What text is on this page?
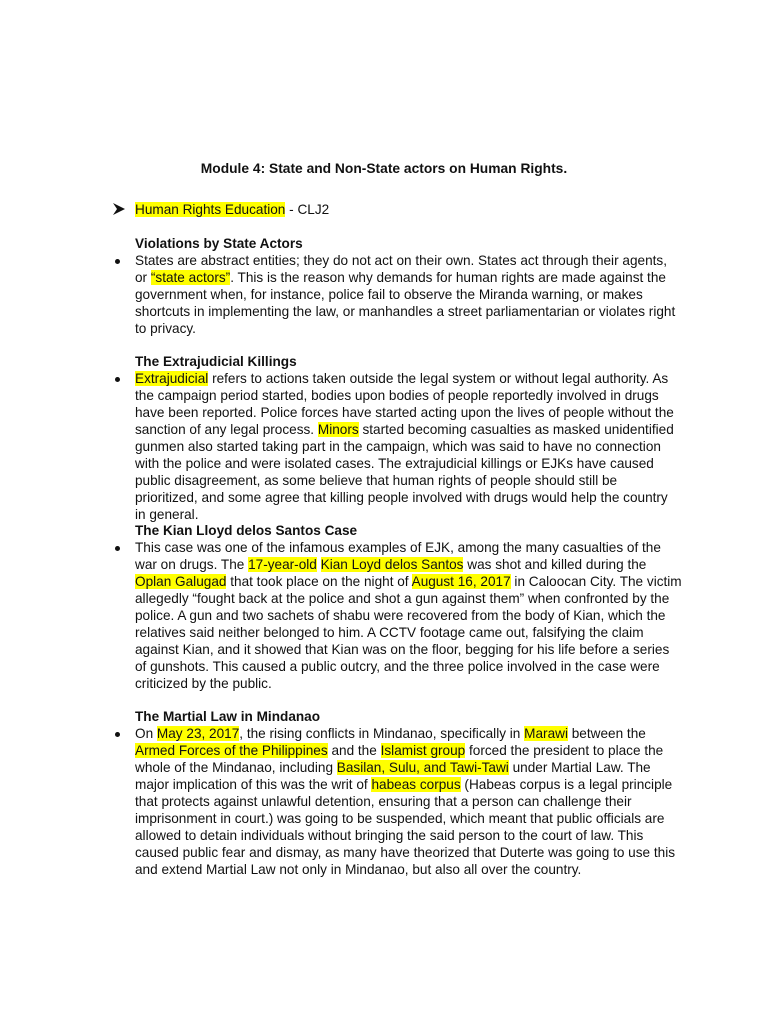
Module 4: State and Non-State actors on Human Rights.
Human Rights Education - CLJ2
Violations by State Actors
States are abstract entities; they do not act on their own. States act through their agents, or “state actors”. This is the reason why demands for human rights are made against the government when, for instance, police fail to observe the Miranda warning, or makes shortcuts in implementing the law, or manhandles a street parliamentarian or violates right to privacy.
The Extrajudicial Killings
Extrajudicial refers to actions taken outside the legal system or without legal authority. As the campaign period started, bodies upon bodies of people reportedly involved in drugs have been reported. Police forces have started acting upon the lives of people without the sanction of any legal process. Minors started becoming casualties as masked unidentified gunmen also started taking part in the campaign, which was said to have no connection with the police and were isolated cases. The extrajudicial killings or EJKs have caused public disagreement, as some believe that human rights of people should still be prioritized, and some agree that killing people involved with drugs would help the country in general.
The Kian Lloyd delos Santos Case
This case was one of the infamous examples of EJK, among the many casualties of the war on drugs. The 17-year-old Kian Loyd delos Santos was shot and killed during the Oplan Galugad that took place on the night of August 16, 2017 in Caloocan City. The victim allegedly “fought back at the police and shot a gun against them” when confronted by the police. A gun and two sachets of shabu were recovered from the body of Kian, which the relatives said neither belonged to him. A CCTV footage came out, falsifying the claim against Kian, and it showed that Kian was on the floor, begging for his life before a series of gunshots. This caused a public outcry, and the three police involved in the case were criticized by the public.
The Martial Law in Mindanao
On May 23, 2017, the rising conflicts in Mindanao, specifically in Marawi between the Armed Forces of the Philippines and the Islamist group forced the president to place the whole of the Mindanao, including Basilan, Sulu, and Tawi-Tawi under Martial Law. The major implication of this was the writ of habeas corpus (Habeas corpus is a legal principle that protects against unlawful detention, ensuring that a person can challenge their imprisonment in court.) was going to be suspended, which meant that public officials are allowed to detain individuals without bringing the said person to the court of law. This caused public fear and dismay, as many have theorized that Duterte was going to use this and extend Martial Law not only in Mindanao, but also all over the country.
